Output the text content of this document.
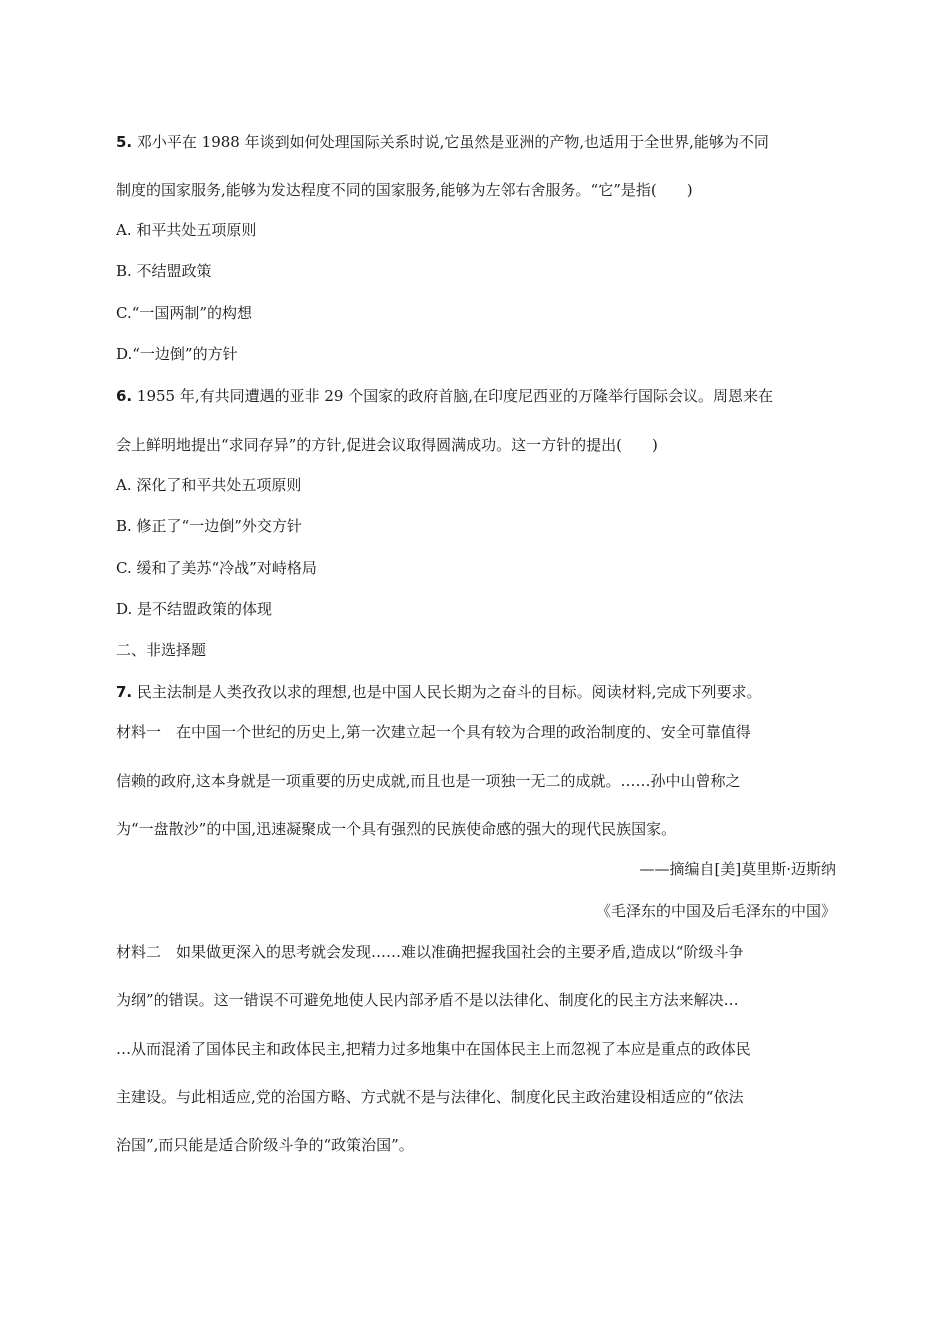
5. 邓小平在 1988 年谈到如何处理国际关系时说,它虽然是亚洲的产物,也适用于全世界,能够为不同
制度的国家服务,能够为发达程度不同的国家服务,能够为左邻右舍服务。“它”是指(　　)
A. 和平共处五项原则
B. 不结盟政策
C.“一国两制”的构想
D.“一边倒”的方针
6. 1955 年,有共同遭遇的亚非 29 个国家的政府首脑,在印度尼西亚的万隆举行国际会议。周恩来在
会上鲜明地提出“求同存异”的方针,促进会议取得圆满成功。这一方针的提出(　　)
A. 深化了和平共处五项原则
B. 修正了“一边倒”外交方针
C. 缓和了美苏“冷战”对峙格局
D. 是不结盟政策的体现
二、非选择题
7. 民主法制是人类孜孜以求的理想,也是中国人民长期为之奋斗的目标。阅读材料,完成下列要求。
材料一　在中国一个世纪的历史上,第一次建立起一个具有较为合理的政治制度的、安全可靠值得
信赖的政府,这本身就是一项重要的历史成就,而且也是一项独一无二的成就。……孙中山曾称之
为“一盘散沙”的中国,迅速凝聚成一个具有强烈的民族使命感的强大的现代民族国家。
——摘编自[美]莫里斯·迈斯纳
《毛泽东的中国及后毛泽东的中国》
材料二　如果做更深入的思考就会发现……难以准确把握我国社会的主要矛盾,造成以“阶级斗争
为纲”的错误。这一错误不可避免地使人民内部矛盾不是以法律化、制度化的民主方法来解决…
…从而混淆了国体民主和政体民主,把精力过多地集中在国体民主上而忽视了本应是重点的政体民
主建设。与此相适应,党的治国方略、方式就不是与法律化、制度化民主政治建设相适应的“依法
治国”,而只能是适合阶级斗争的“政策治国”。
